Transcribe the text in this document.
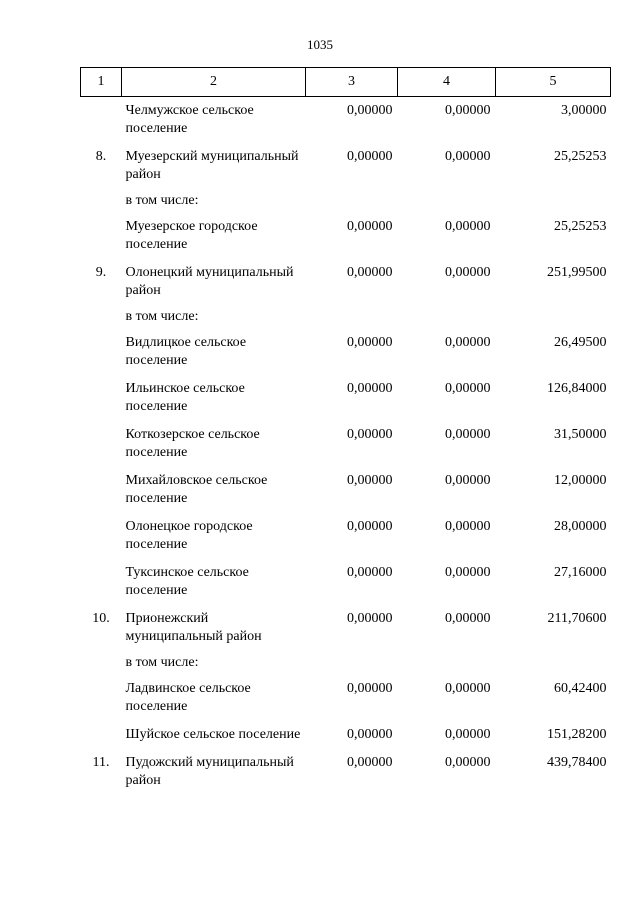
1035
1	2	3	4	5

	Челмужское сельское поселение	0,00000	0,00000	3,00000

8.	Муезерский муниципальный район	0,00000	0,00000	25,25253

	в том числе:			

	Муезерское городское поселение	0,00000	0,00000	25,25253

9.	Олонецкий муниципальный район	0,00000	0,00000	251,99500

	в том числе:			

	Видлицкое сельское поселение	0,00000	0,00000	26,49500

	Ильинское сельское поселение	0,00000	0,00000	126,84000

	Коткозерское сельское поселение	0,00000	0,00000	31,50000

	Михайловское сельское поселение	0,00000	0,00000	12,00000

	Олонецкое городское поселение	0,00000	0,00000	28,00000

	Туксинское сельское поселение	0,00000	0,00000	27,16000

10.	Прионежский муниципальный район	0,00000	0,00000	211,70600

	в том числе:			

	Ладвинское сельское поселение	0,00000	0,00000	60,42400

	Шуйское сельское поселение	0,00000	0,00000	151,28200

11.	Пудожский муниципальный район	0,00000	0,00000	439,78400
